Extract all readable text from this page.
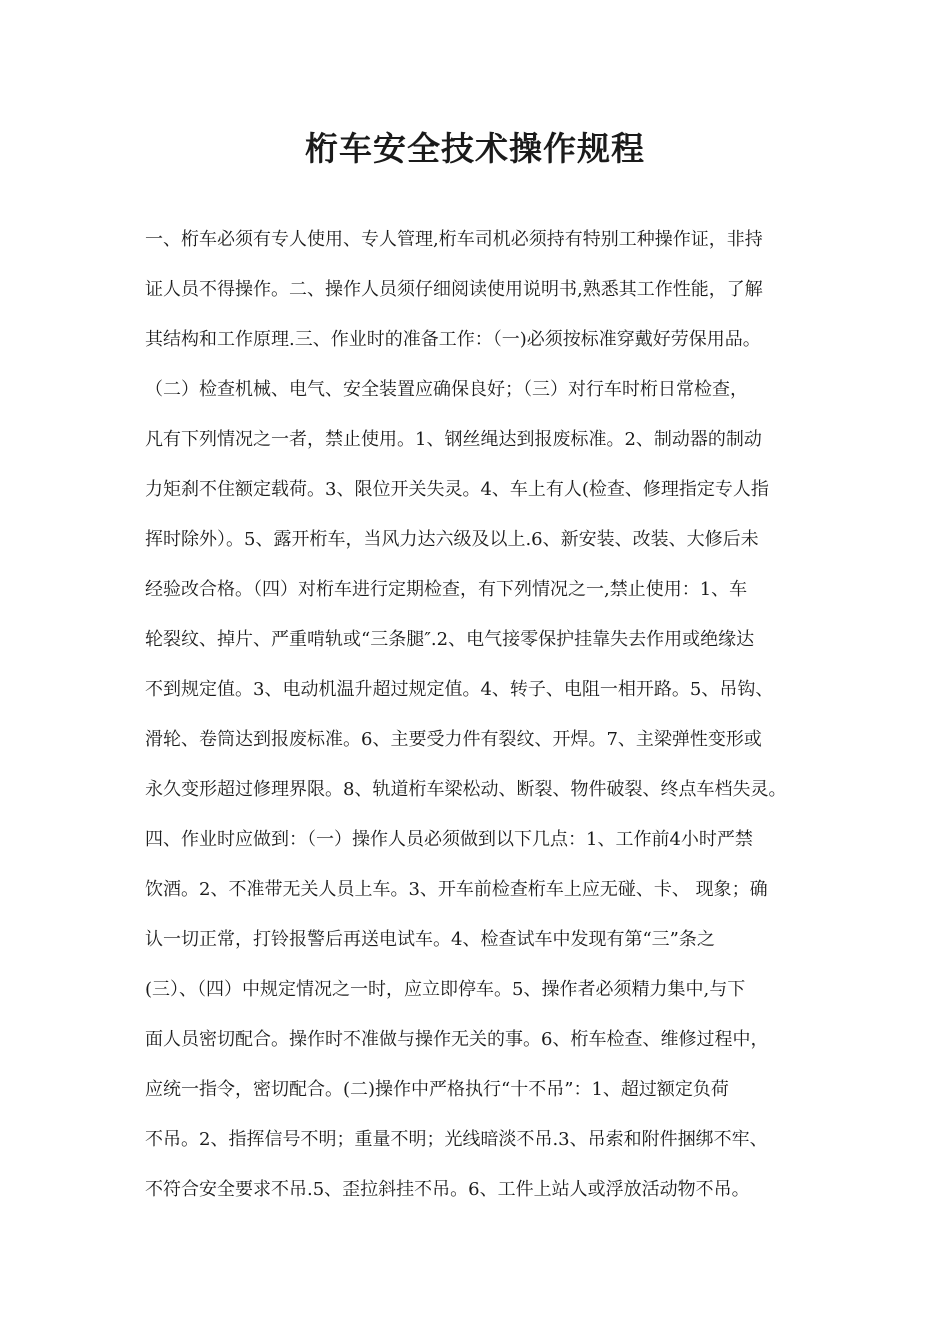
桁车安全技术操作规程
一、桁车必须有专人使用、专人管理,桁车司机必须持有特别工种操作证，非持
证人员不得操作。二、操作人员须仔细阅读使用说明书,熟悉其工作性能，了解
其结构和工作原理.三、作业时的准备工作：（一)必须按标准穿戴好劳保用品。
（二）检查机械、电气、安全装置应确保良好；（三）对行车时桁日常检查，
凡有下列情况之一者，禁止使用。1、钢丝绳达到报废标准。2、制动器的制动
力矩刹不住额定载荷。3、限位开关失灵。4、车上有人(检查、修理指定专人指
挥时除外）。5、露开桁车，当风力达六级及以上.6、新安装、改装、大修后未
经验改合格。（四）对桁车进行定期检查，有下列情况之一,禁止使用：1、车
轮裂纹、掉片、严重啃轨或“三条腿″.2、电气接零保护挂靠失去作用或绝缘达
不到规定值。3、电动机温升超过规定值。4、转子、电阻一相开路。5、吊钩、
滑轮、卷筒达到报废标准。6、主要受力件有裂纹、开焊。7、主梁弹性变形或
永久变形超过修理界限。8、轨道桁车梁松动、断裂、物件破裂、终点车档失灵。
四、作业时应做到：（一）操作人员必须做到以下几点：1、工作前4小时严禁
饮酒。2、不准带无关人员上车。3、开车前检查桁车上应无碰、卡、 现象；确
认一切正常，打铃报警后再送电试车。4、检查试车中发现有第“三”条之
(三）、（四）中规定情况之一时，应立即停车。5、操作者必须精力集中,与下
面人员密切配合。操作时不准做与操作无关的事。6、桁车检查、维修过程中，
应统一指令，密切配合。(二)操作中严格执行“十不吊”：1、超过额定负荷
不吊。2、指挥信号不明；重量不明；光线暗淡不吊.3、吊索和附件捆绑不牢、
不符合安全要求不吊.5、歪拉斜挂不吊。6、工件上站人或浮放活动物不吊。
